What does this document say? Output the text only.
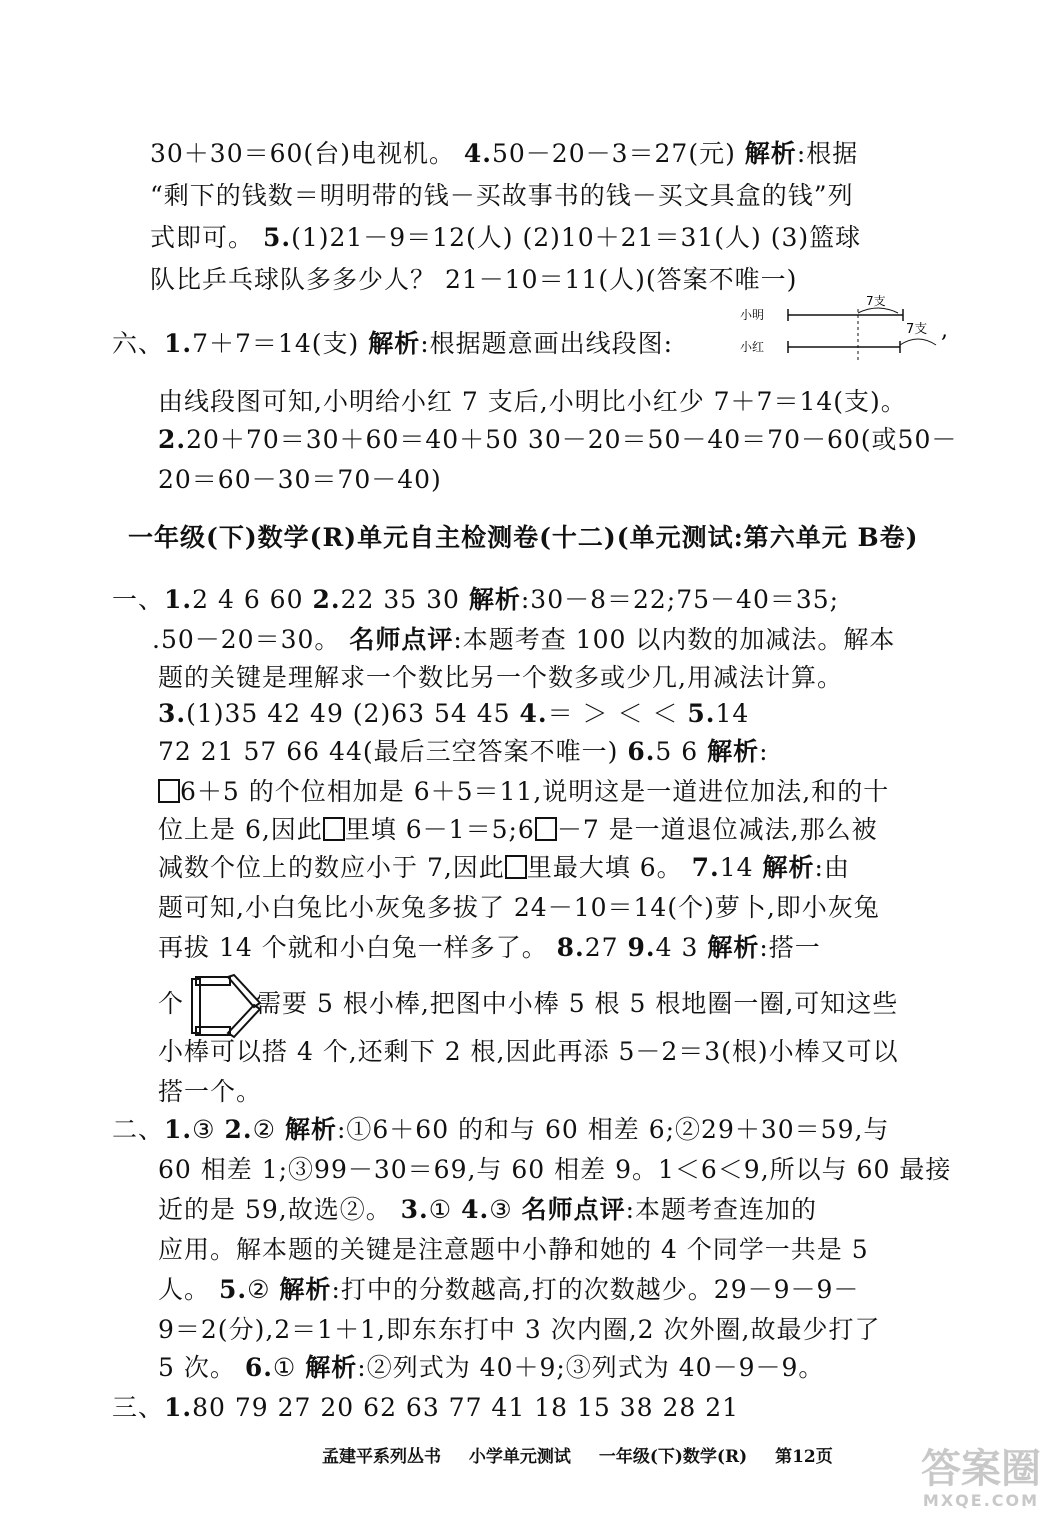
30＋30＝60(台)电视机。 4.50－20－3＝27(元) 解析:根据
“剩下的钱数＝明明带的钱－买故事书的钱－买文具盒的钱”列
式即可。 5.(1)21－9＝12(人) (2)10＋21＝31(人) (3)篮球
队比乒乓球队多多少人？ 21－10＝11(人)(答案不唯一)
六、1.7＋7＝14(支) 解析:根据题意画出线段图:
小明
小红
7支
7支 ,
由线段图可知,小明给小红 7 支后,小明比小红少 7＋7＝14(支)。
2.20＋70＝30＋60＝40＋50 30－20＝50－40＝70－60(或50－
20＝60－30＝70－40)
一年级(下)数学(R)单元自主检测卷(十二)(单元测试:第六单元 B卷)
一、1.2 4 6 60 2.22 35 30 解析:30－8＝22;75－40＝35;
.50－20＝30。 名师点评:本题考查 100 以内数的加减法。解本
题的关键是理解求一个数比另一个数多或少几,用减法计算。
3.(1)35 42 49 (2)63 54 45 4.＝ ＞ ＜ ＜ 5.14
72 21 57 66 44(最后三空答案不唯一) 6.5 6 解析:
6＋5 的个位相加是 6＋5＝11,说明这是一道进位加法,和的十
位上是 6,因此 里填 6－1＝5;6 －7 是一道退位减法,那么被
减数个位上的数应小于 7,因此 里最大填 6。 7.14 解析:由
题可知,小白兔比小灰兔多拔了 24－10＝14(个)萝卜,即小灰兔
再拔 14 个就和小白兔一样多了。 8.27 9.4 3 解析:搭一
个	需要 5 根小棒,把图中小棒 5 根 5 根地圈一圈,可知这些
小棒可以搭 4 个,还剩下 2 根,因此再添 5－2＝3(根)小棒又可以
搭一个。
二、1.③ 2.② 解析:①6＋60 的和与 60 相差 6;②29＋30＝59,与
60 相差 1;③99－30＝69,与 60 相差 9。1＜6＜9,所以与 60 最接
近的是 59,故选②。 3.① 4.③ 名师点评:本题考查连加的
应用。解本题的关键是注意题中小静和她的 4 个同学一共是 5
人。 5.② 解析:打中的分数越高,打的次数越少。29－9－9－
9＝2(分),2＝1＋1,即东东打中 3 次内圈,2 次外圈,故最少打了
5 次。 6.① 解析:②列式为 40＋9;③列式为 40－9－9。
三、1.80 79 27 20 62 63 77 41 18 15 38 28 21
孟建平系列丛书 小学单元测试 一年级(下)数学(R) 第12页	答案圈
MXQE.COM
